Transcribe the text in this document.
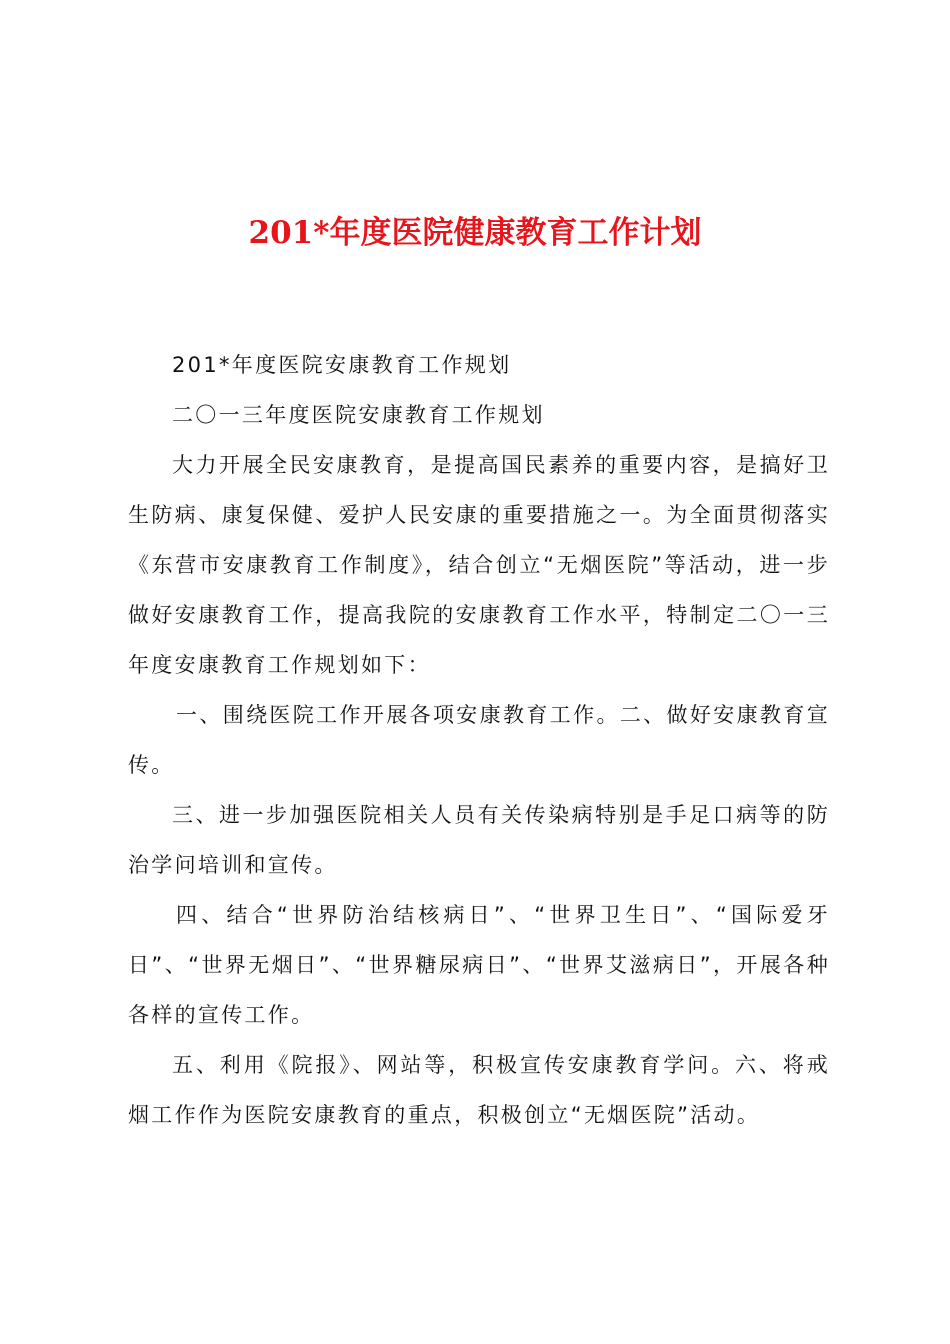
201*年度医院健康教育工作计划

201*年度医院安康教育工作规划

二〇一三年度医院安康教育工作规划

大力开展全民安康教育，是提高国民素养的重要内容，是搞好卫生防病、康复保健、爱护人民安康的重要措施之一。为全面贯彻落实《东营市安康教育工作制度》，结合创立“无烟医院”等活动，进一步做好安康教育工作，提高我院的安康教育工作水平，特制定二〇一三年度安康教育工作规划如下：

一、围绕医院工作开展各项安康教育工作。二、做好安康教育宣传。

三、进一步加强医院相关人员有关传染病特别是手足口病等的防治学问培训和宣传。

四、结合“世界防治结核病日”、“世界卫生日”、“国际爱牙日”、“世界无烟日”、“世界糖尿病日”、“世界艾滋病日”，开展各种各样的宣传工作。

五、利用《院报》、网站等，积极宣传安康教育学问。六、将戒烟工作作为医院安康教育的重点，积极创立“无烟医院”活动。
